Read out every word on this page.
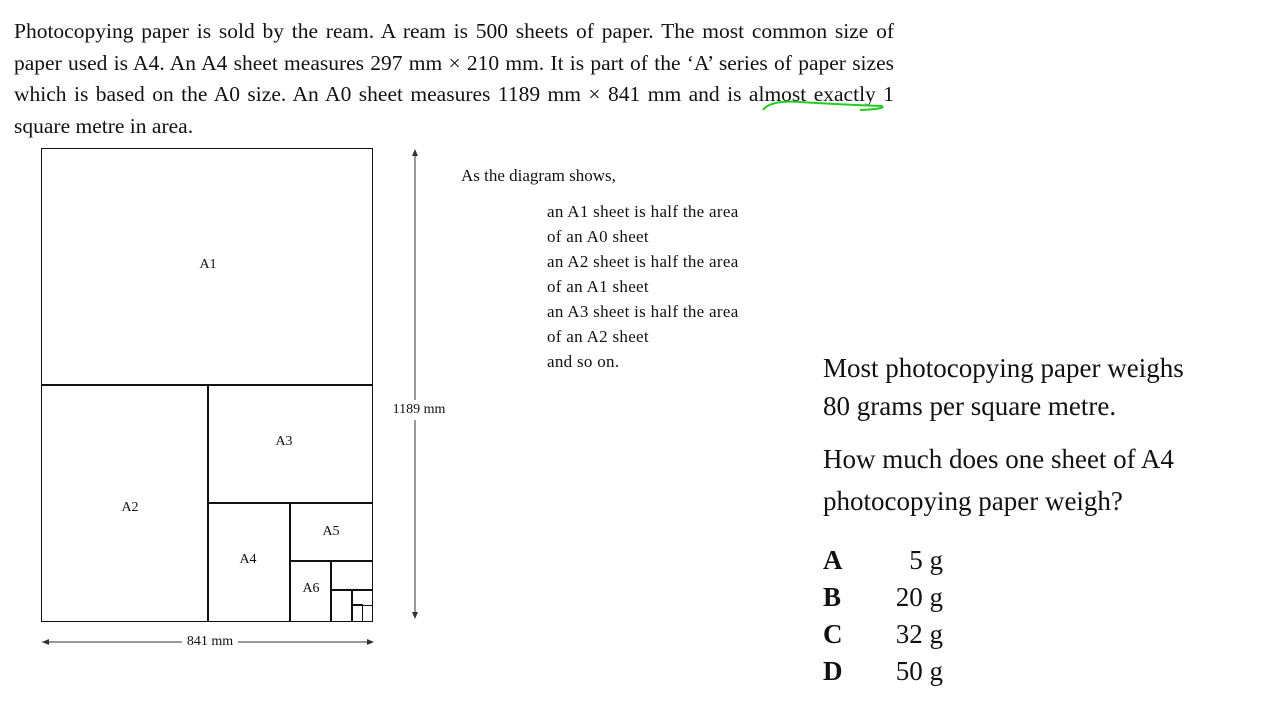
Photocopying paper is sold by the ream. A ream is 500 sheets of paper. The most common size of paper used is A4. An A4 sheet measures 297 mm × 210 mm. It is part of the ‘A’ series of paper sizes which is based on the A0 size. An A0 sheet measures 1189 mm × 841 mm and is almost exactly 1 square metre in area.

A1
A2
A3
A4
A5
A6
1189 mm
841 mm
As the diagram shows,
an A1 sheet is half the area
of an A0 sheet
an A2 sheet is half the area
of an A1 sheet
an A3 sheet is half the area
of an A2 sheet
and so on.	Most photocopying paper weighs
80 grams per square metre.
How much does one sheet of A4
photocopying paper weigh?
A 5 g
B 20 g
C 32 g
D 50 g
